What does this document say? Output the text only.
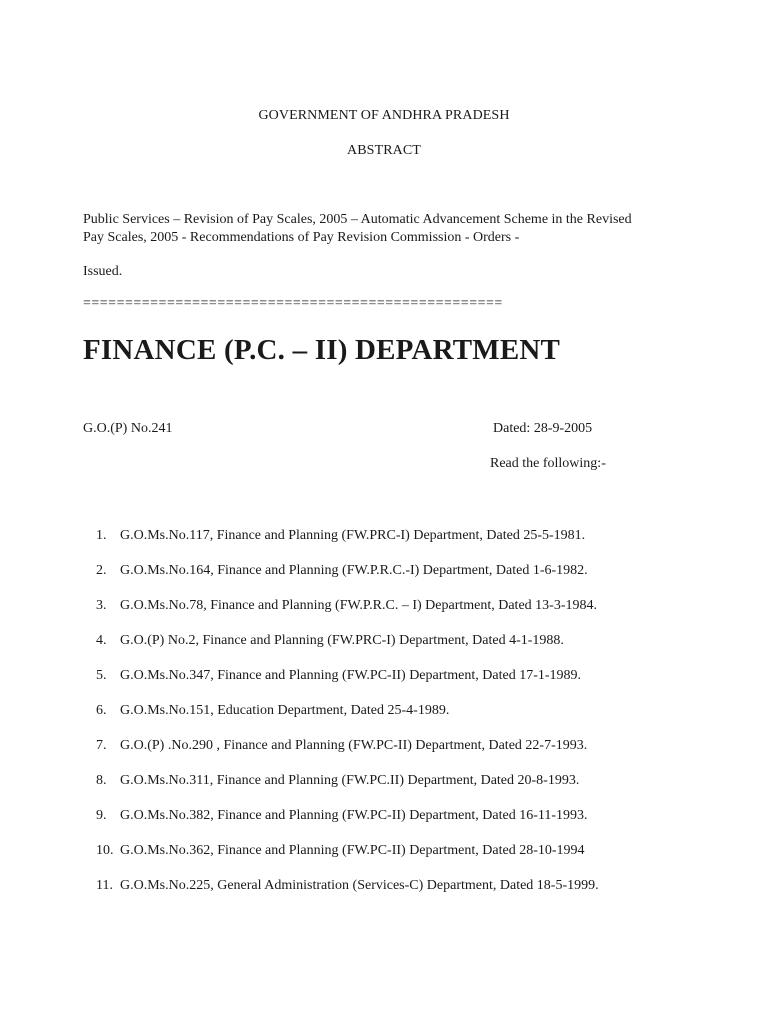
GOVERNMENT OF ANDHRA PRADESH
ABSTRACT
Public Services – Revision of Pay Scales, 2005 – Automatic Advancement Scheme in the Revised
Pay Scales, 2005 - Recommendations of Pay Revision Commission - Orders -
Issued.
==================================================
FINANCE (P.C. – II) DEPARTMENT
G.O.(P) No.241	Dated: 28-9-2005
Read the following:-
1. G.O.Ms.No.117, Finance and Planning (FW.PRC-I) Department, Dated 25-5-1981.
2. G.O.Ms.No.164, Finance and Planning (FW.P.R.C.-I) Department, Dated 1-6-1982.
3. G.O.Ms.No.78, Finance and Planning (FW.P.R.C. – I) Department, Dated 13-3-1984.
4. G.O.(P) No.2, Finance and Planning (FW.PRC-I) Department, Dated 4-1-1988.
5. G.O.Ms.No.347, Finance and Planning (FW.PC-II) Department, Dated 17-1-1989.
6. G.O.Ms.No.151, Education Department, Dated 25-4-1989.
7. G.O.(P) .No.290 , Finance and Planning (FW.PC-II) Department, Dated 22-7-1993.
8. G.O.Ms.No.311, Finance and Planning (FW.PC.II) Department, Dated 20-8-1993.
9. G.O.Ms.No.382, Finance and Planning (FW.PC-II) Department, Dated 16-11-1993.
10. G.O.Ms.No.362, Finance and Planning (FW.PC-II) Department, Dated 28-10-1994
11. G.O.Ms.No.225, General Administration (Services-C) Department, Dated 18-5-1999.
